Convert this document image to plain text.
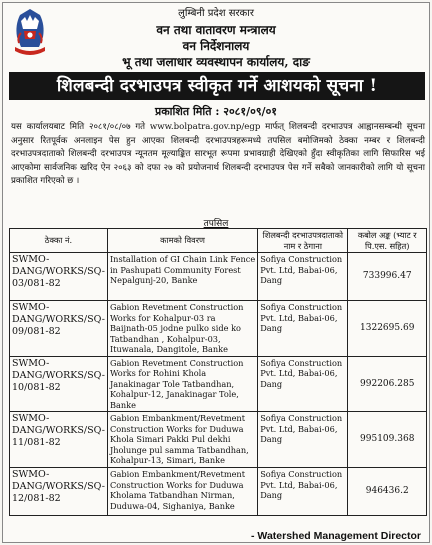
लुम्बिनी प्रदेश सरकार
वन तथा वातावरण मन्त्रालय
वन निर्देशनालय
भू तथा जलाधार व्यवस्थापन कार्यालय, दाङ
शिलबन्दी दरभाउपत्र स्वीकृत गर्ने आशयको सूचना !
प्रकाशित मिति : २०८१/०९/०१
यस कार्यालयबाट मिति २०८१/०८/०७ गते www.bolpatra.gov.np/egp मार्फत् शिलबन्दी दरभाउपत्र आह्वानसम्बन्धी सूचना अनुसार रितपूर्वक अनलाइन पेस हुन आएका शिलबन्दी दरभाउपत्रहरूमध्ये तपसिल बमोजिमको ठेक्का नम्बर र शिलबन्दी दरभाउपत्रदाताको शिलबन्दी दरभाउपत्र न्यूनतम मूल्याङ्कित सारभूत रूपमा प्रभावग्राही देखिएको हुँदा स्वीकृतिका लागि सिफारिस भई आएकोमा सार्वजनिक खरिद ऐन २०६३ को दफा २७ को प्रयोजनार्थ शिलबन्दी दरभाउपत्र पेस गर्ने सबैको जानकारीको लागि यो सूचना प्रकाशित गरिएको छ ।
तपसिल
ठेक्का नं.	कामको विवरण	शिलबन्दी दरभाउपत्रदाताको नाम र ठेगाना	कबोल अङ्क (भ्याट र पि.एस. सहित)
SWMO-DANG/WORKS/SQ-03/081-82	Installation of GI Chain Link Fence in Pashupati Community Forest Nepalgunj-20, Banke	Sofiya Construction Pvt. Ltd, Babai-06, Dang	733996.47
SWMO-DANG/WORKS/SQ-09/081-82	Gabion Revetment Construction Works for Kohalpur-03 ra Baijnath-05 jodne pulko side ko Tatbandhan , Kohalpur-03, Ituwanala, Dangitole, Banke	Sofiya Construction Pvt. Ltd, Babai-06, Dang	1322695.69
SWMO-DANG/WORKS/SQ-10/081-82	Gabion Revetment Construction Works for Rohini Khola Janakinagar Tole Tatbandhan, Kohalpur-12, Janakinagar Tole, Banke	Sofiya Construction Pvt. Ltd, Babai-06, Dang	992206.285
SWMO-DANG/WORKS/SQ-11/081-82	Gabion Embankment/Revetment Construction Works for Duduwa Khola Simari Pakki Pul dekhi Jholunge pul samma Tatbandhan, Kohalpur-13, Simari, Banke	Sofiya Construction Pvt. Ltd, Babai-06, Dang	995109.368
SWMO-DANG/WORKS/SQ-12/081-82	Gabion Embankment/Revetment Construction Works for Duduwa Kholama Tatbandhan Nirman, Duduwa-04, Sighaniya, Banke	Sofiya Construction Pvt. Ltd, Babai-06, Dang	946436.2
- Watershed Management Director
